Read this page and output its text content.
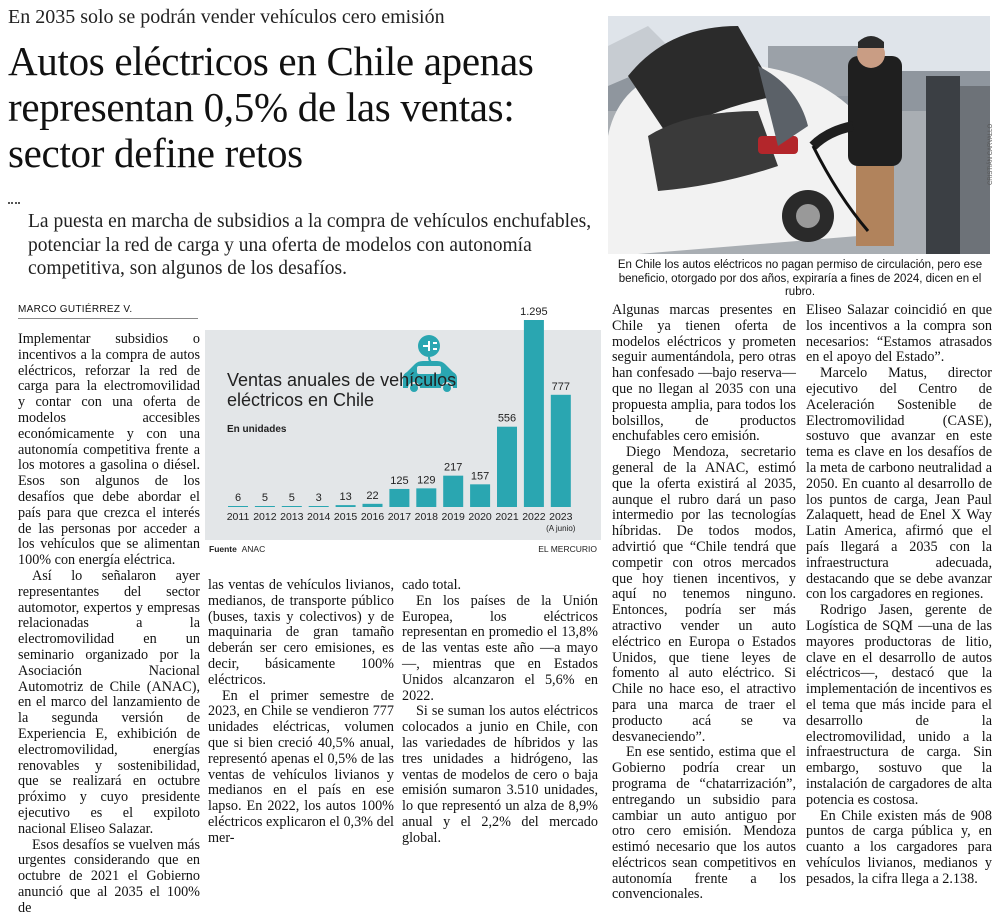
En 2035 solo se podrán vender vehículos cero emisión
Autos eléctricos en Chile apenas representan 0,5% de las ventas: sector define retos
La puesta en marcha de subsidios a la compra de vehículos enchufables, potenciar la red de carga y una oferta de modelos con autonomía competitiva, son algunos de los desafíos.
MARCO GUTIÉRREZ V.

Implementar subsidios o incentivos a la compra de autos eléctricos, reforzar la red de carga para la electromovilidad y contar con una oferta de modelos accesibles económicamente y con una autonomía competitiva frente a los motores a gasolina o diésel. Esos son algunos de los desafíos que debe abordar el país para que crezca el interés de las personas por acceder a los vehículos que se alimentan 100% con energía eléctrica.

Así lo señalaron ayer representantes del sector automotor, expertos y empresas relacionadas a la electromovilidad en un seminario organizado por la Asociación Nacional Automotriz de Chile (ANAC), en el marco del lanzamiento de la segunda versión de Experiencia E, exhibición de electromovilidad, energías renovables y sostenibilidad, que se realizará en octubre próximo y cuyo presidente ejecutivo es el expiloto nacional Eliseo Salazar.

Esos desafíos se vuelven más urgentes considerando que en octubre de 2021 el Gobierno anunció que al 2035 el 100% de

6
2011
5
2012
5
2013
3
2014
13
2015
22
2016
125
2017
129
2018
217
2019
157
2020
556
2021
1.295
2022
777
2023
(A junio)
Ventas anuales de vehículos eléctricos en Chile
En unidades
Fuente ANAC	EL MERCURIO

las ventas de vehículos livianos, medianos, de transporte público (buses, taxis y colectivos) y de maquinaria de gran tamaño deberán ser cero emisiones, es decir, básicamente 100% eléctricos.

En el primer semestre de 2023, en Chile se vendieron 777 unidades eléctricas, volumen que si bien creció 40,5% anual, representó apenas el 0,5% de las ventas de vehículos livianos y medianos en el país en ese lapso. En 2022, los autos 100% eléctricos explicaron el 0,3% del mer-

cado total.

En los países de la Unión Europea, los eléctricos representan en promedio el 13,8% de las ventas este año —a mayo—, mientras que en Estados Unidos alcanzaron el 5,6% en 2022.

Si se suman los autos eléctricos colocados a junio en Chile, con las variedades de híbridos y las tres unidades a hidrógeno, las ventas de modelos de cero o baja emisión sumaron 3.510 unidades, lo que representó un alza de 8,9% anual y el 2,2% del mercado global.

CRISTIÁN CARVALLO
En Chile los autos eléctricos no pagan permiso de circulación, pero ese beneficio, otorgado por dos años, expiraría a fines de 2024, dicen en el rubro.

Algunas marcas presentes en Chile ya tienen oferta de modelos eléctricos y prometen seguir aumentándola, pero otras han confesado —bajo reserva— que no llegan al 2035 con una propuesta amplia, para todos los bolsillos, de productos enchufables cero emisión.

Diego Mendoza, secretario general de la ANAC, estimó que la oferta existirá al 2035, aunque el rubro dará un paso intermedio por las tecnologías híbridas. De todos modos, advirtió que “Chile tendrá que competir con otros mercados que hoy tienen incentivos, y aquí no tenemos ninguno. Entonces, podría ser más atractivo vender un auto eléctrico en Europa o Estados Unidos, que tiene leyes de fomento al auto eléctrico. Si Chile no hace eso, el atractivo para una marca de traer el producto acá se va desvaneciendo”.

En ese sentido, estima que el Gobierno podría crear un programa de “chatarrización”, entregando un subsidio para cambiar un auto antiguo por otro cero emisión. Mendoza estimó necesario que los autos eléctricos sean competitivos en autonomía frente a los convencionales.

Eliseo Salazar coincidió en que los incentivos a la compra son necesarios: “Estamos atrasados en el apoyo del Estado”.

Marcelo Matus, director ejecutivo del Centro de Aceleración Sostenible de Electromovilidad (CASE), sostuvo que avanzar en este tema es clave en los desafíos de la meta de carbono neutralidad a 2050. En cuanto al desarrollo de los puntos de carga, Jean Paul Zalaquett, head de Enel X Way Latin America, afirmó que el país llegará a 2035 con la infraestructura adecuada, destacando que se debe avanzar con los cargadores en regiones.

Rodrigo Jasen, gerente de Logística de SQM —una de las mayores productoras de litio, clave en el desarrollo de autos eléctricos—, destacó que la implementación de incentivos es el tema que más incide para el desarrollo de la electromovilidad, unido a la infraestructura de carga. Sin embargo, sostuvo que la instalación de cargadores de alta potencia es costosa.

En Chile existen más de 908 puntos de carga pública y, en cuanto a los cargadores para vehículos livianos, medianos y pesados, la cifra llega a 2.138.
